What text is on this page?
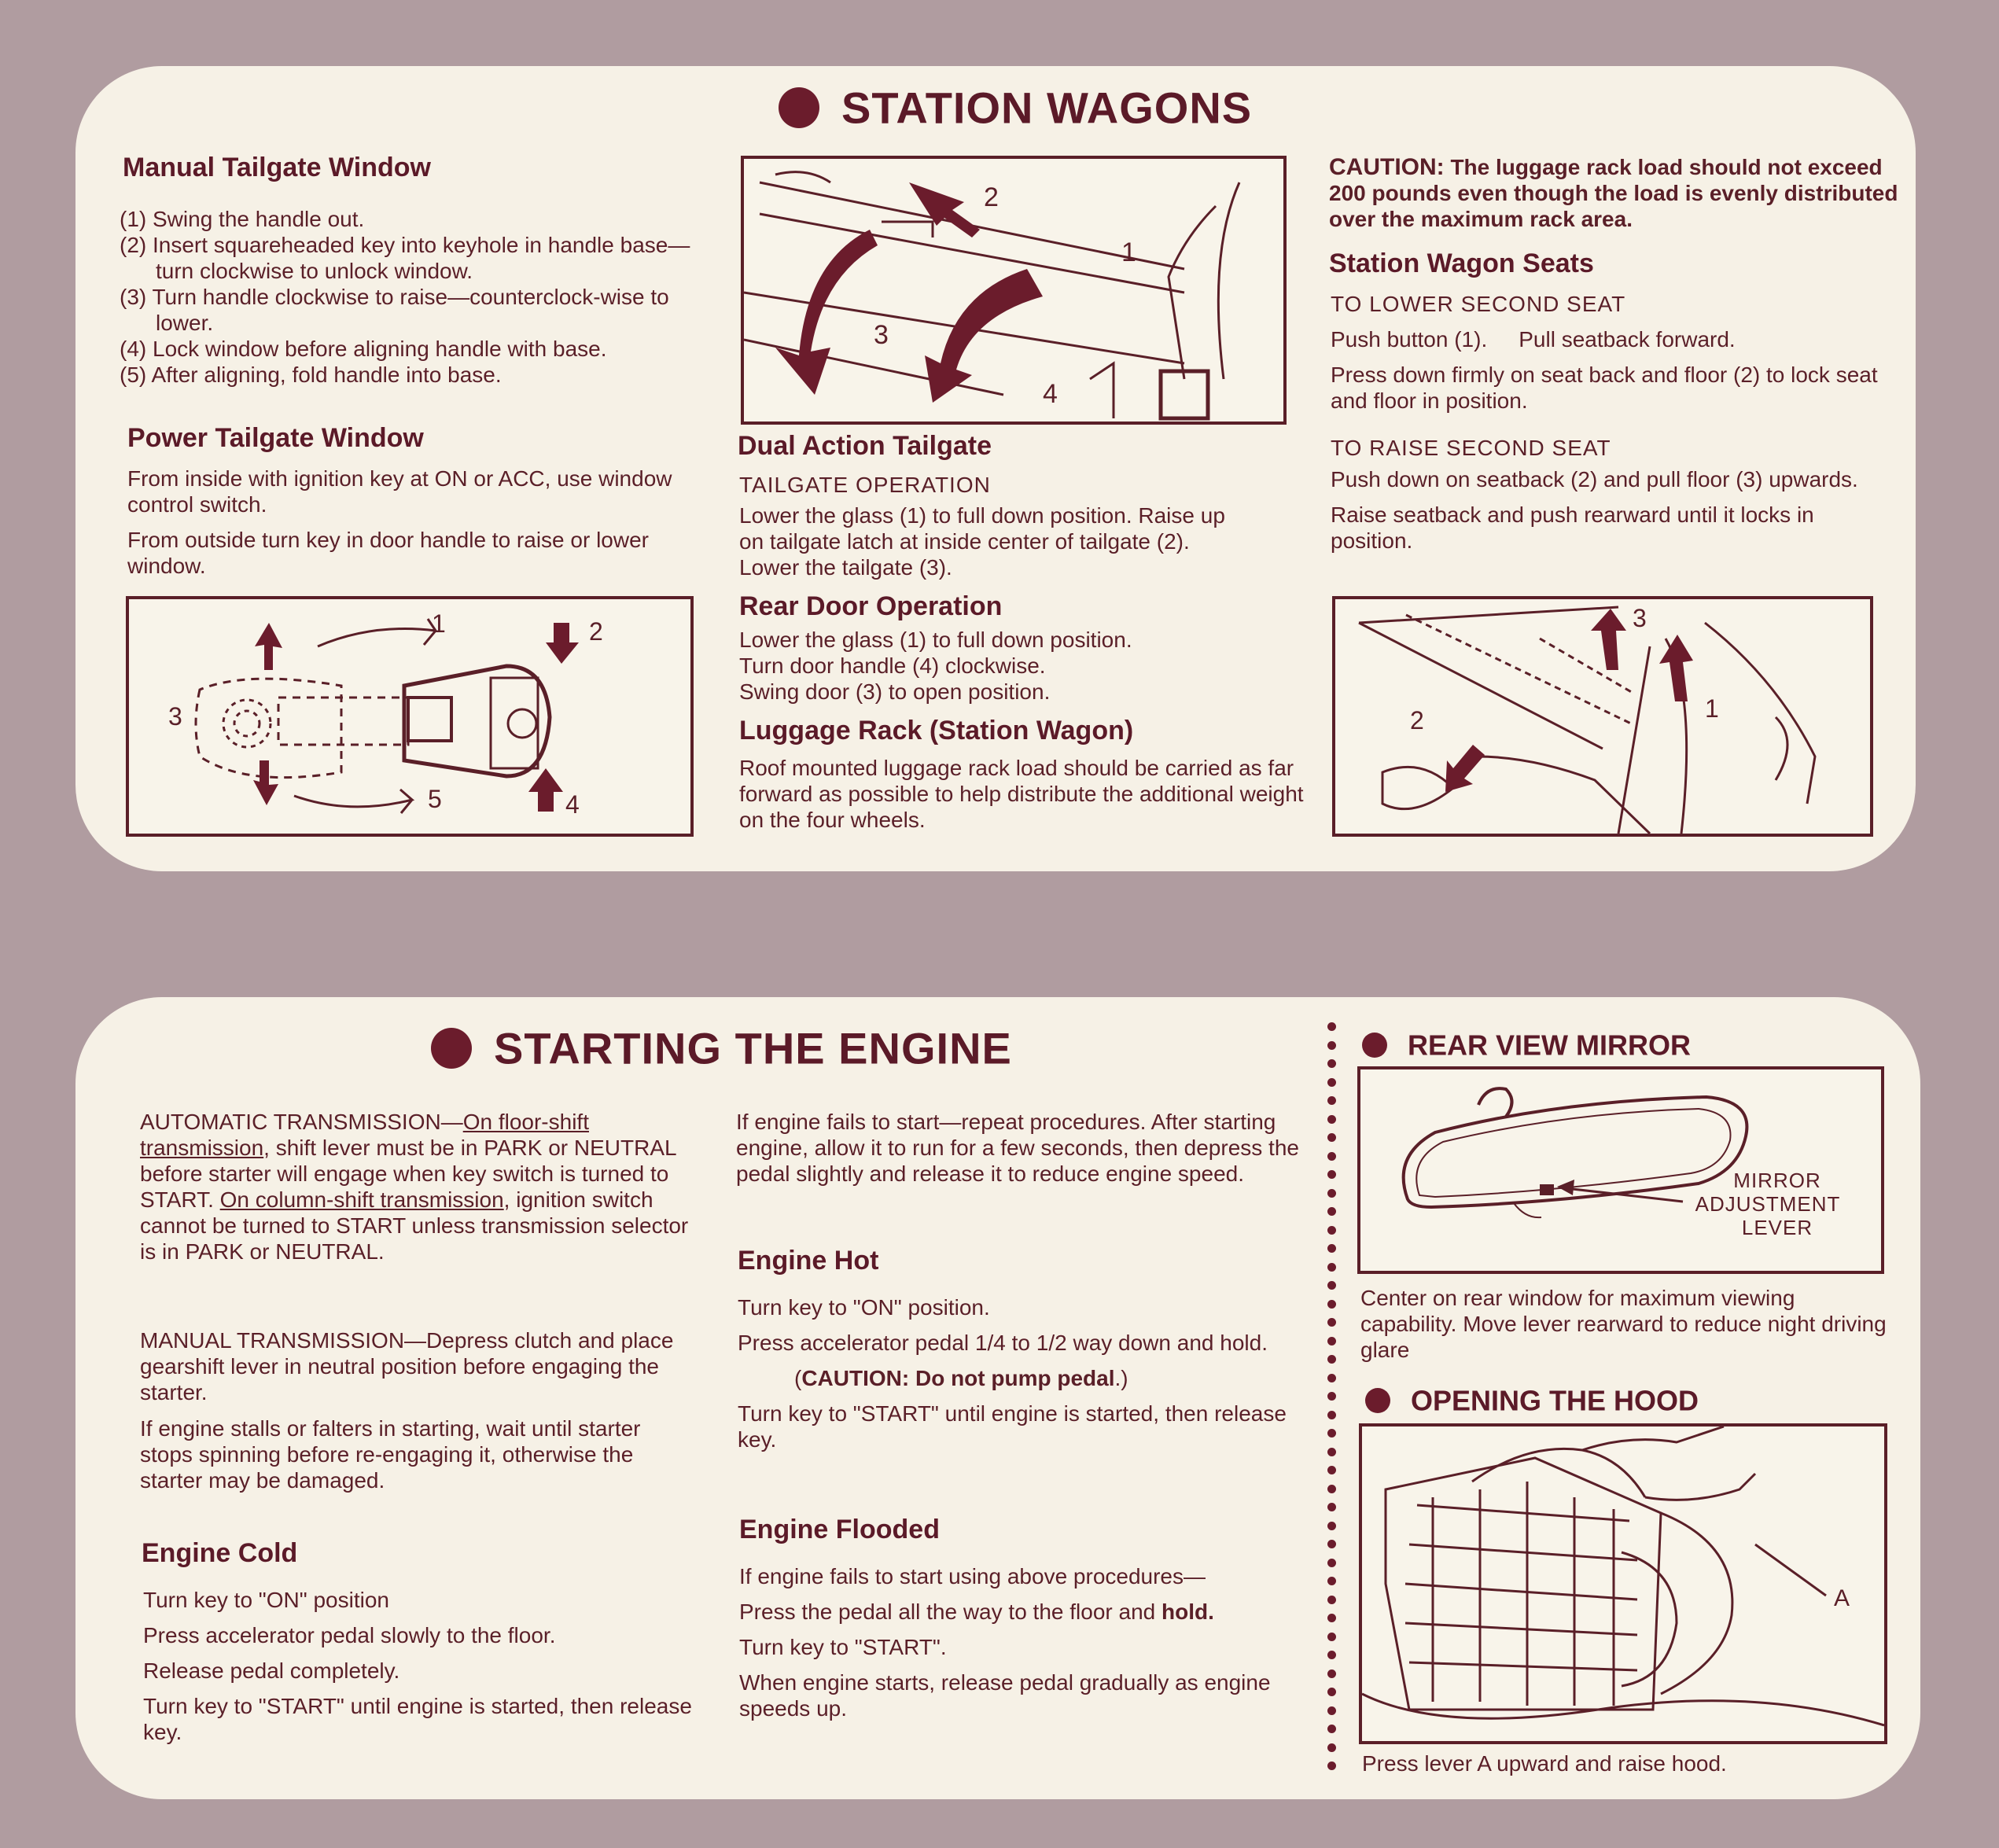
STATION WAGONS
Manual Tailgate Window
(1) Swing the handle out.
(2) Insert squareheaded key into keyhole in handle base—turn clockwise to unlock window.
(3) Turn handle clockwise to raise—counterclock-wise to lower.
(4) Lock window before aligning handle with base.
(5) After aligning, fold handle into base.
Power Tailgate Window
From inside with ignition key at ON or ACC, use window control switch.
From outside turn key in door handle to raise or lower window.
1	2
3
4
5
2
1
3
4
Dual Action Tailgate
TAILGATE OPERATION
Lower the glass (1) to full down position. Raise up on tailgate latch at inside center of tailgate (2). Lower the tailgate (3).
Rear Door Operation
Lower the glass (1) to full down position.
Turn door handle (4) clockwise.
Swing door (3) to open position.
Luggage Rack (Station Wagon)
Roof mounted luggage rack load should be carried as far forward as possible to help distribute the additional weight on the four wheels.
CAUTION: The luggage rack load should not exceed 200 pounds even though the load is evenly distributed over the maximum rack area.
Station Wagon Seats
TO LOWER SECOND SEAT
Push button (1). Pull seatback forward.
Press down firmly on seat back and floor (2) to lock seat and floor in position.
TO RAISE SECOND SEAT
Push down on seatback (2) and pull floor (3) upwards.
Raise seatback and push rearward until it locks in position.
1
2
3
STARTING THE ENGINE
AUTOMATIC TRANSMISSION—On floor-shift transmission, shift lever must be in PARK or NEUTRAL before starter will engage when key switch is turned to START. On column-shift transmission, ignition switch cannot be turned to START unless transmission selector is in PARK or NEUTRAL.
MANUAL TRANSMISSION—Depress clutch and place gearshift lever in neutral position before engaging the starter.
If engine stalls or falters in starting, wait until starter stops spinning before re-engaging it, otherwise the starter may be damaged.
Engine Cold
Turn key to "ON" position
Press accelerator pedal slowly to the floor.
Release pedal completely.
Turn key to "START" until engine is started, then release key.
If engine fails to start—repeat procedures. After starting engine, allow it to run for a few seconds, then depress the pedal slightly and release it to reduce engine speed.
Engine Hot
Turn key to "ON" position.
Press accelerator pedal 1/4 to 1/2 way down and hold.
(CAUTION: Do not pump pedal.)
Turn key to "START" until engine is started, then release key.
Engine Flooded
If engine fails to start using above procedures—
Press the pedal all the way to the floor and hold.
Turn key to "START".
When engine starts, release pedal gradually as engine speeds up.
REAR VIEW MIRROR
MIRROR
ADJUSTMENT
LEVER
Center on rear window for maximum viewing capability. Move lever rearward to reduce night driving glare
OPENING THE HOOD
A
Press lever A upward and raise hood.
